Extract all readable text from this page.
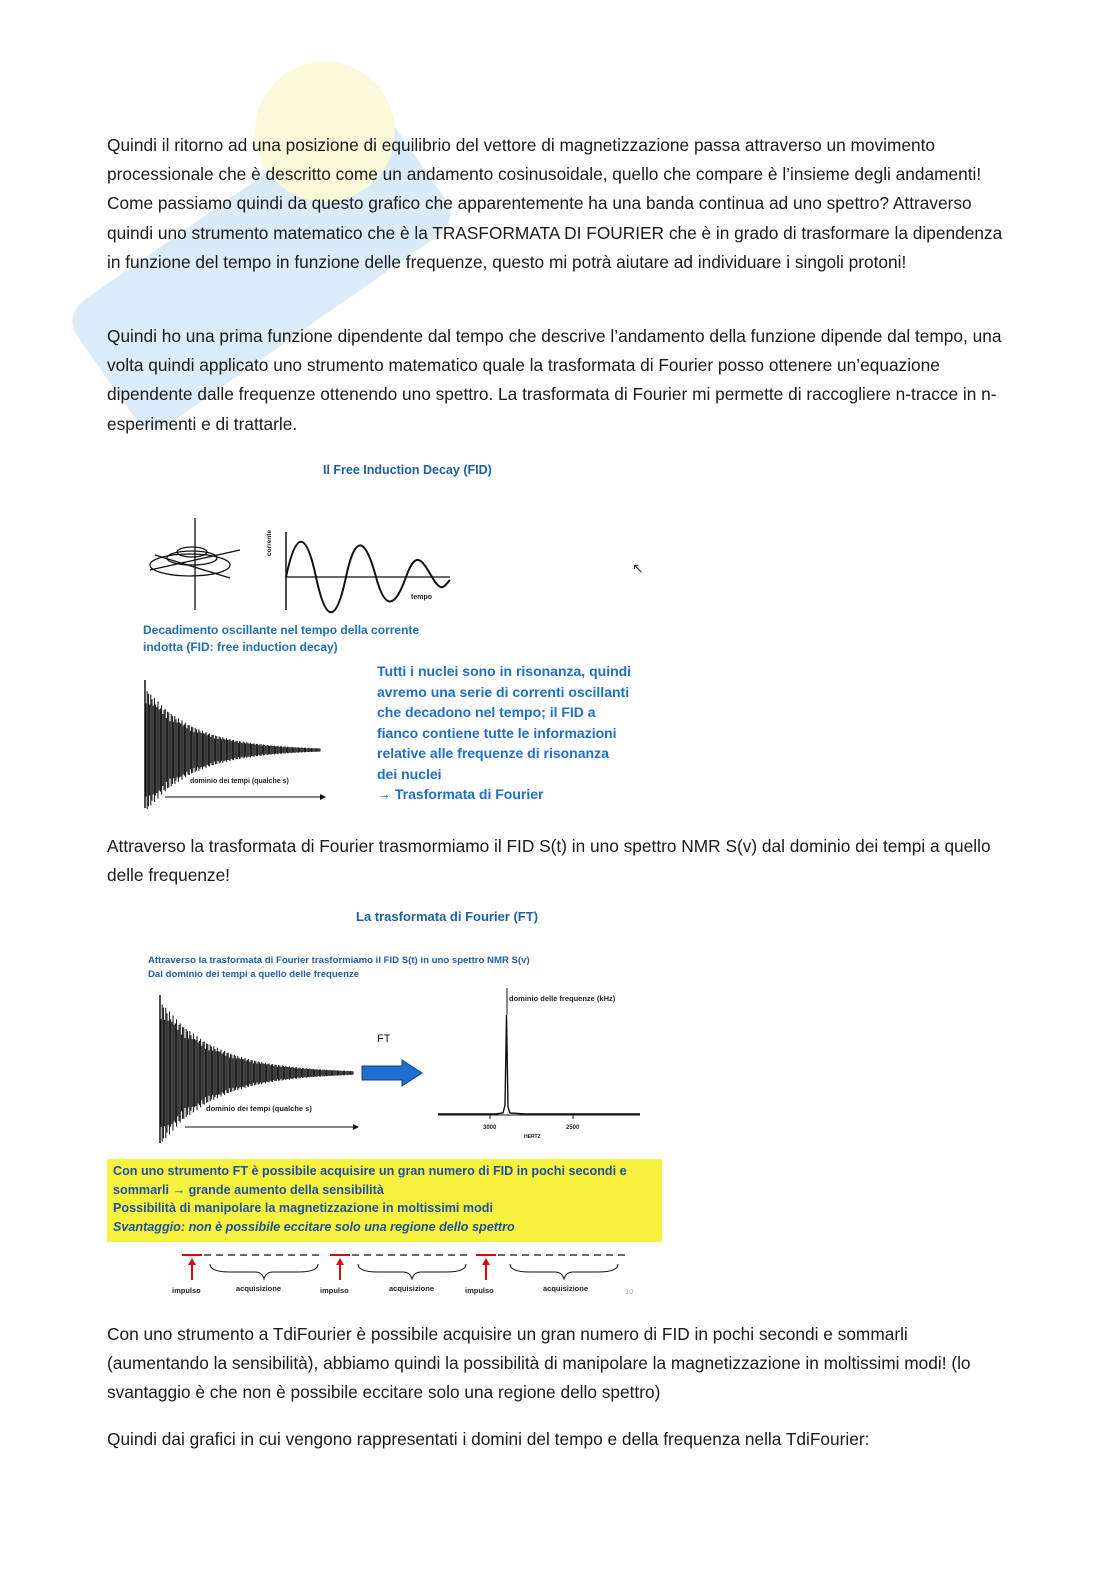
Quindi il ritorno ad una posizione di equilibrio del vettore di magnetizzazione passa attraverso un movimento processionale che è descritto come un andamento cosinusoidale, quello che compare è l’insieme degli andamenti! Come passiamo quindi da questo grafico che apparentemente ha una banda continua ad uno spettro? Attraverso quindi uno strumento matematico che è la TRASFORMATA DI FOURIER che è in grado di trasformare la dipendenza in funzione del tempo in funzione delle frequenze, questo mi potrà aiutare ad individuare i singoli protoni!

Quindi ho una prima funzione dipendente dal tempo che descrive l’andamento della funzione dipende dal tempo, una volta quindi applicato uno strumento matematico quale la trasformata di Fourier posso ottenere un’equazione dipendente dalle frequenze ottenendo uno spettro. La trasformata di Fourier mi permette di raccogliere n-tracce in n-esperimenti e di trattarle.

Il Free Induction Decay (FID)
corrente
tempo
↖
Decadimento oscillante nel tempo della corrente
indotta (FID: free induction decay)
dominio dei tempi (qualche s)
Tutti i nuclei sono in risonanza, quindi
avremo una serie di correnti oscillanti
che decadono nel tempo; il FID a
fianco contiene tutte le informazioni
relative alle frequenze di risonanza
dei nuclei
→ Trasformata di Fourier

Attraverso la trasformata di Fourier trasmormiamo il FID S(t) in uno spettro NMR S(v) dal dominio dei tempi a quello delle frequenze!

La trasformata di Fourier (FT)
Attraverso la trasformata di Fourier trasformiamo il FID S(t) in uno spettro NMR S(v)
Dal dominio dei tempi a quello delle frequenze
dominio dei tempi (qualche s)
FT
dominio delle frequenze (kHz)
3000	2500
HERTZ
Con uno strumento FT è possibile acquisire un gran numero di FID in pochi secondi e
sommarli → grande aumento della sensibilità
Possibilità di manipolare la magnetizzazione in moltissimi modi
Svantaggio: non è possibile eccitare solo una regione dello spettro
impulso	acquisizione	impulso	acquisizione	impulso	acquisizione	10

Con uno strumento a TdiFourier è possibile acquisire un gran numero di FID in pochi secondi e sommarli (aumentando la sensibilità), abbiamo quindi la possibilità di manipolare la magnetizzazione in moltissimi modi! (lo svantaggio è che non è possibile eccitare solo una regione dello spettro)

Quindi dai grafici in cui vengono rappresentati i domini del tempo e della frequenza nella TdiFourier:
